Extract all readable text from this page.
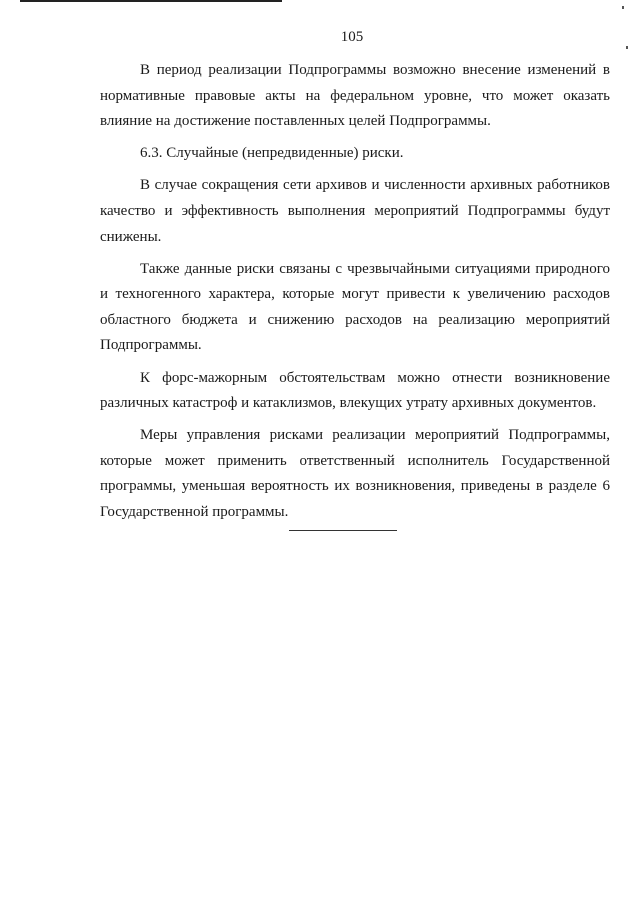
105

В период реализации Подпрограммы возможно внесение изменений в нормативные правовые акты на федеральном уровне, что может оказать влияние на достижение поставленных целей Подпрограммы.

6.3. Случайные (непредвиденные) риски.

В случае сокращения сети архивов и численности архивных работников качество и эффективность выполнения мероприятий Подпрограммы будут снижены.

Также данные риски связаны с чрезвычайными ситуациями природного и техногенного характера, которые могут привести к увеличению расходов областного бюджета и снижению расходов на реализацию мероприятий Подпрограммы.

К форс-мажорным обстоятельствам можно отнести возникновение различных катастроф и катаклизмов, влекущих утрату архивных документов.

Меры управления рисками реализации мероприятий Подпрограммы, которые может применить ответственный исполнитель Государственной программы, уменьшая вероятность их возникновения, приведены в разделе 6 Государственной программы.
